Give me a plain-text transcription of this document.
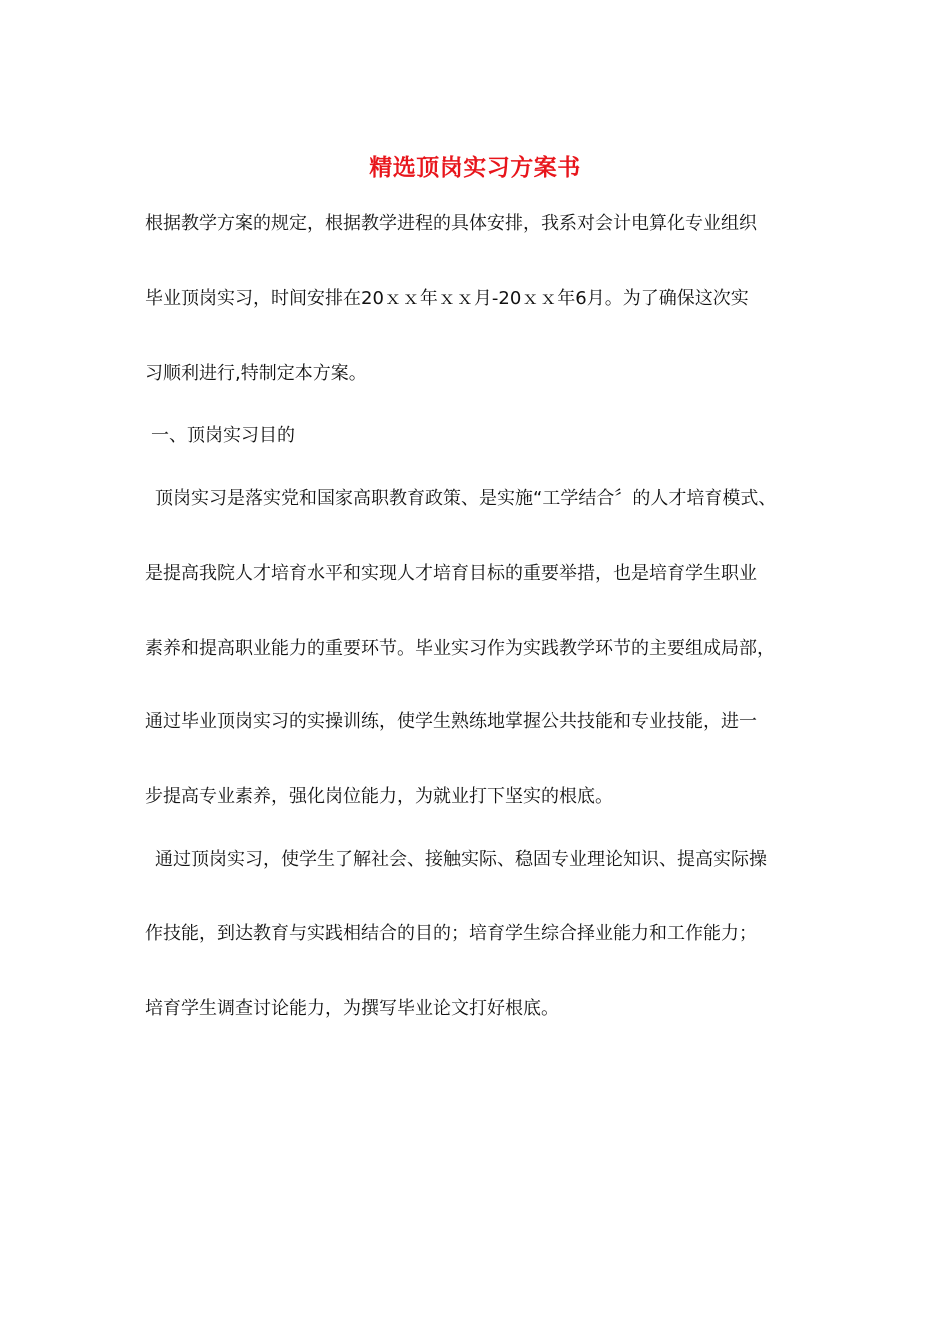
精选顶岗实习方案书
根据教学方案的规定，根据教学进程的具体安排，我系对会计电算化专业组织
毕业顶岗实习，时间安排在20ｘｘ年ｘｘ月-20ｘｘ年6月。为了确保这次实
习顺利进行,特制定本方案。
一、顶岗实习目的
顶岗实习是落实党和国家高职教育政策、是实施“工学结合〞的人才培育模式、
是提高我院人才培育水平和实现人才培育目标的重要举措，也是培育学生职业
素养和提高职业能力的重要环节。毕业实习作为实践教学环节的主要组成局部，
通过毕业顶岗实习的实操训练，使学生熟练地掌握公共技能和专业技能，进一
步提高专业素养，强化岗位能力，为就业打下坚实的根底。
通过顶岗实习，使学生了解社会、接触实际、稳固专业理论知识、提高实际操
作技能，到达教育与实践相结合的目的；培育学生综合择业能力和工作能力；
培育学生调查讨论能力，为撰写毕业论文打好根底。
